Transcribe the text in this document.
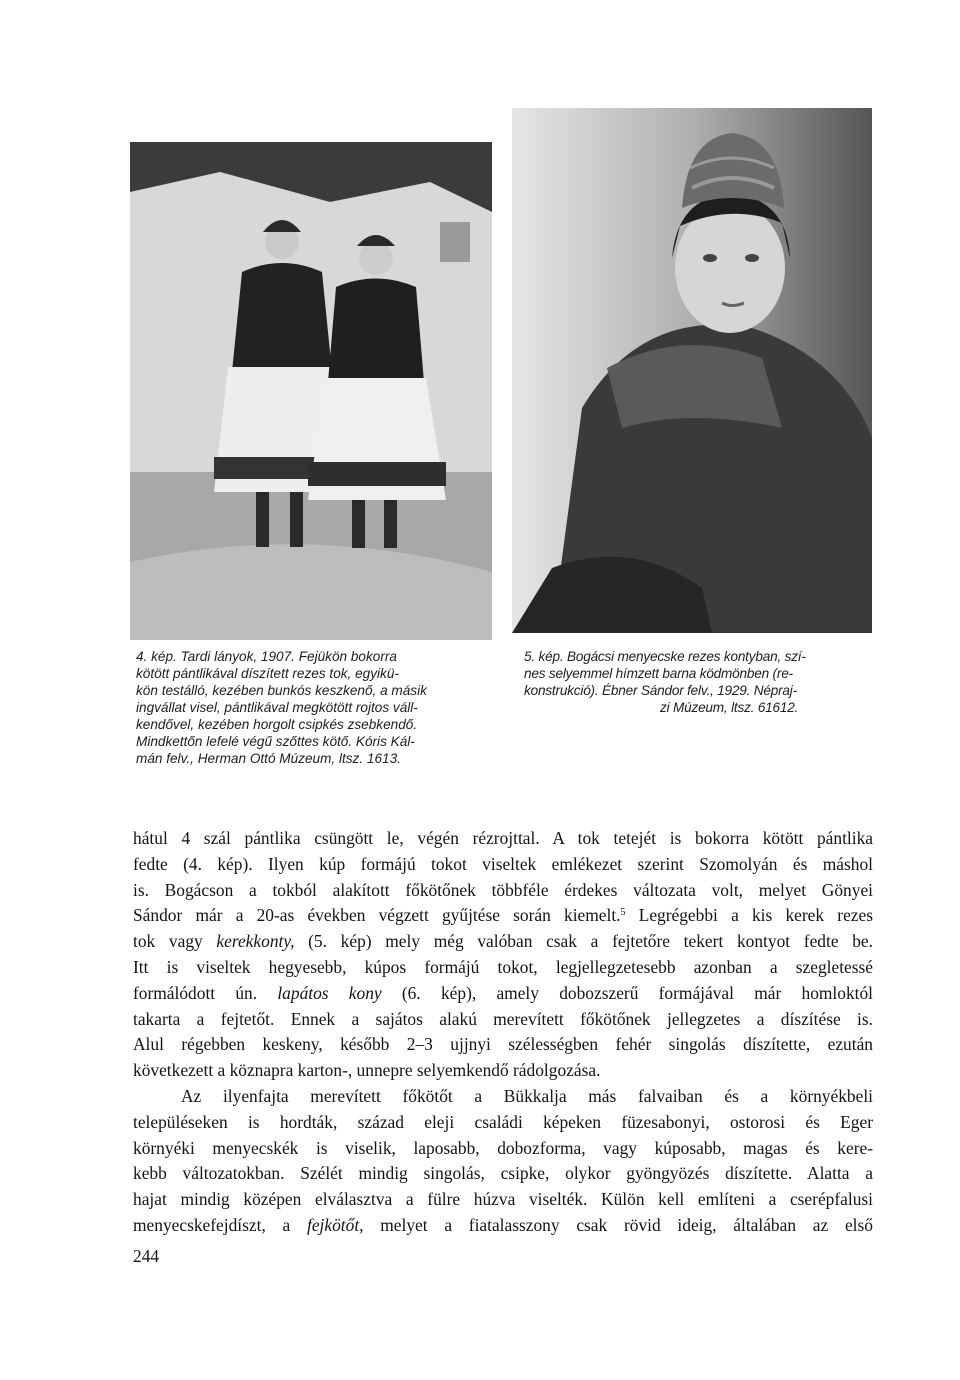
4. kép. Tardi lányok, 1907. Fejükön bokorra

kötött pántlikával díszített rezes tok, egyikü-

kön testálló, kezében bunkós keszkenő, a másik

ingvállat visel, pántlikával megkötött rojtos váll-

kendővel, kezében horgolt csipkés zsebkendő.

Mindkettőn lefelé végű szőttes kötő. Kóris Kál-

mán felv., Herman Ottó Múzeum, ltsz. 1613.

5. kép. Bogácsi menyecske rezes kontyban, szí-

nes selyemmel hímzett barna ködmönben (re-

konstrukció). Ébner Sándor felv., 1929. Népraj-

zi Múzeum, ltsz. 61612.

hátul 4 szál pántlika csüngött le, végén rézrojttal. A tok tetejét is bokorra kötött pántlika
fedte (4. kép). Ilyen kúp formájú tokot viseltek emlékezet szerint Szomolyán és máshol
is. Bogácson a tokból alakított főkötőnek többféle érdekes változata volt, melyet Gönyei
Sándor már a 20-as években végzett gyűjtése során kiemelt.$^5$ Legrégebbi a kis kerek rezes
tok vagy kerekkonty, (5. kép) mely még valóban csak a fejtetőre tekert kontyot fedte be.
Itt is viseltek hegyesebb, kúpos formájú tokot, legjellegzetesebb azonban a szegletessé
formálódott ún. lapátos kony (6. kép), amely dobozszerű formájával már homloktól
takarta a fejtetőt. Ennek a sajátos alakú merevített főkötőnek jellegzetes a díszítése is.
Alul régebben keskeny, később 2–3 ujjnyi szélességben fehér singolás díszítette, ezután
következett a köznapra karton-, unnepre selyemkendő rádolgozása.
Az ilyenfajta merevített főkötőt a Bükkalja más falvaiban és a környékbeli
településeken is hordták, század eleji családi képeken füzesabonyi, ostorosi és Eger
környéki menyecskék is viselik, laposabb, dobozforma, vagy kúposabb, magas és kere-
kebb változatokban. Szélét mindig singolás, csipke, olykor gyöngyözés díszítette. Alatta a
hajat mindig középen elválasztva a fülre húzva viselték. Külön kell említeni a cserépfalusi
menyecskefejdíszt, a fejkötőt, melyet a fiatalasszony csak rövid ideig, általában az első
244
